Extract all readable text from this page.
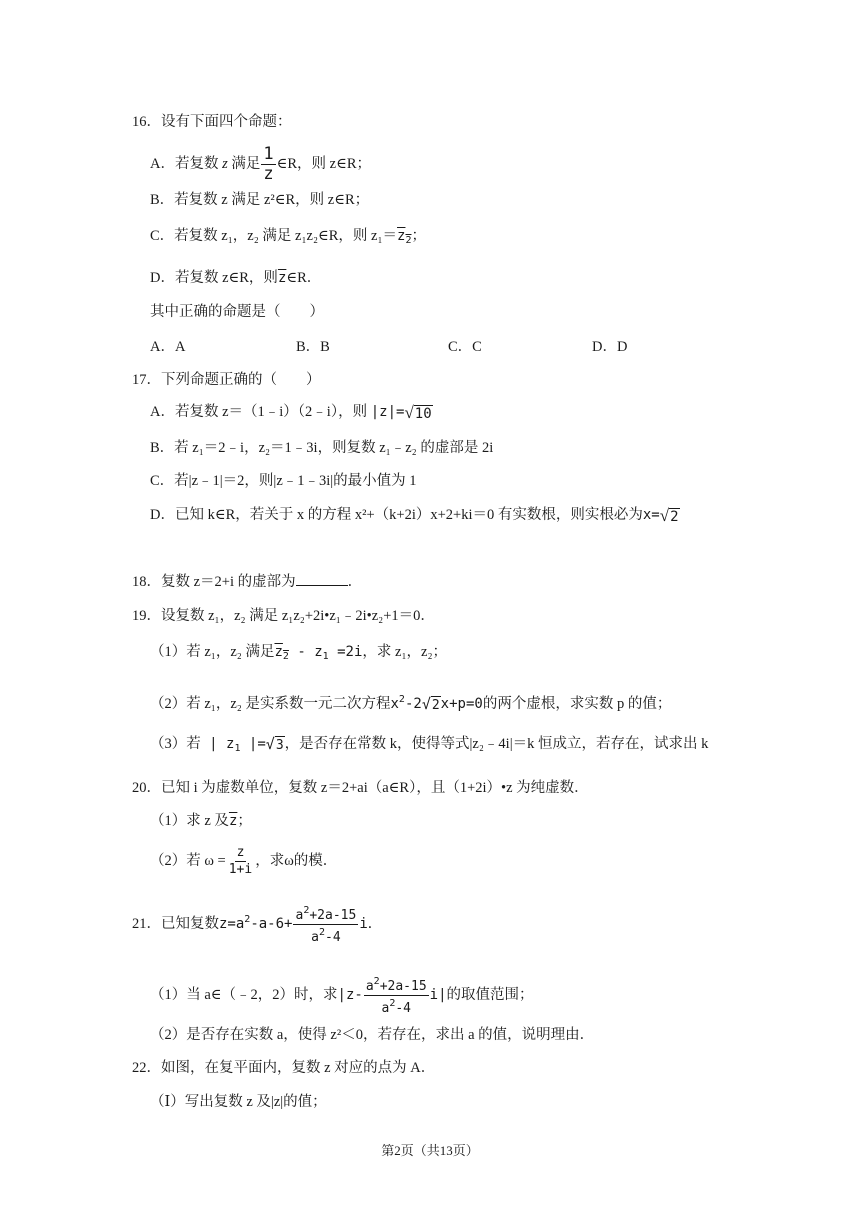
16．设有下面四个命题：
A．若复数 z 满足 $\frac{1}{z}$ ∈R，则 z∈R；
B．若复数 z 满足 z²∈R，则 z∈R；
C．若复数 z₁，z₂ 满足 z₁z₂∈R，则 $z_1=z_2$；
D．若复数 z∈R，则$\overline{z}\in R$．
其中正确的命题是（　　）
A．A	B．B	C．C	D．D
17．下列命题正确的（　　）
A．若复数 z＝（1﹣i）（2﹣i），则 |z|= √ 10
B．若 z₁＝2﹣i，z₂＝1﹣3i，则复数 z₁﹣z₂ 的虚部是 2i
C．若|z﹣1|＝2，则|z﹣1﹣3i|的最小值为 1
D．已知 k∈R，若关于 x 的方程 x²+（k+2i）x+2+ki＝0 有实数根，则实根必为x= √ 2
18．复数 z＝2+i 的虚部为	．
19．设复数 z₁，z₂ 满足 z₁z₂+2i•z₁﹣2i•z₂+1＝0．
（1）若 z₁，z₂ 满足$z_2 - z_1 =2i$，求 z₁，z₂；
（2）若 z₁，z₂ 是实系数一元二次方程$x^2-2$ √ 2 x+p=0的两个虚根，求实数 p 的值；
（3）若 | $z_1$ |= √ 3 ，是否存在常数 k，使得等式|z₂﹣4i|＝k 恒成立，若存在，试求出 k
20．已知 i 为虚数单位，复数 z＝2+ai（a∈R），且（1+2i）•z 为纯虚数．
（1）求 z 及$\overline{z}$；
（2）若 $\omega = \frac{z}{1+i}$ ，求ω的模．
21．已知复数$z=a^2-a-6+ \frac{a^2+2a-15}{a^2-4}$ i．
（1）当 a∈（﹣2，2）时，求$|z- \frac{a^2+2a-15}{a^2-4} i|$的取值范围；
（2）是否存在实数 a，使得 z²＜0，若存在，求出 a 的值，说明理由．
22．如图，在复平面内，复数 z 对应的点为 A．
（Ⅰ）写出复数 z 及|z|的值；
第2页（共13页）
